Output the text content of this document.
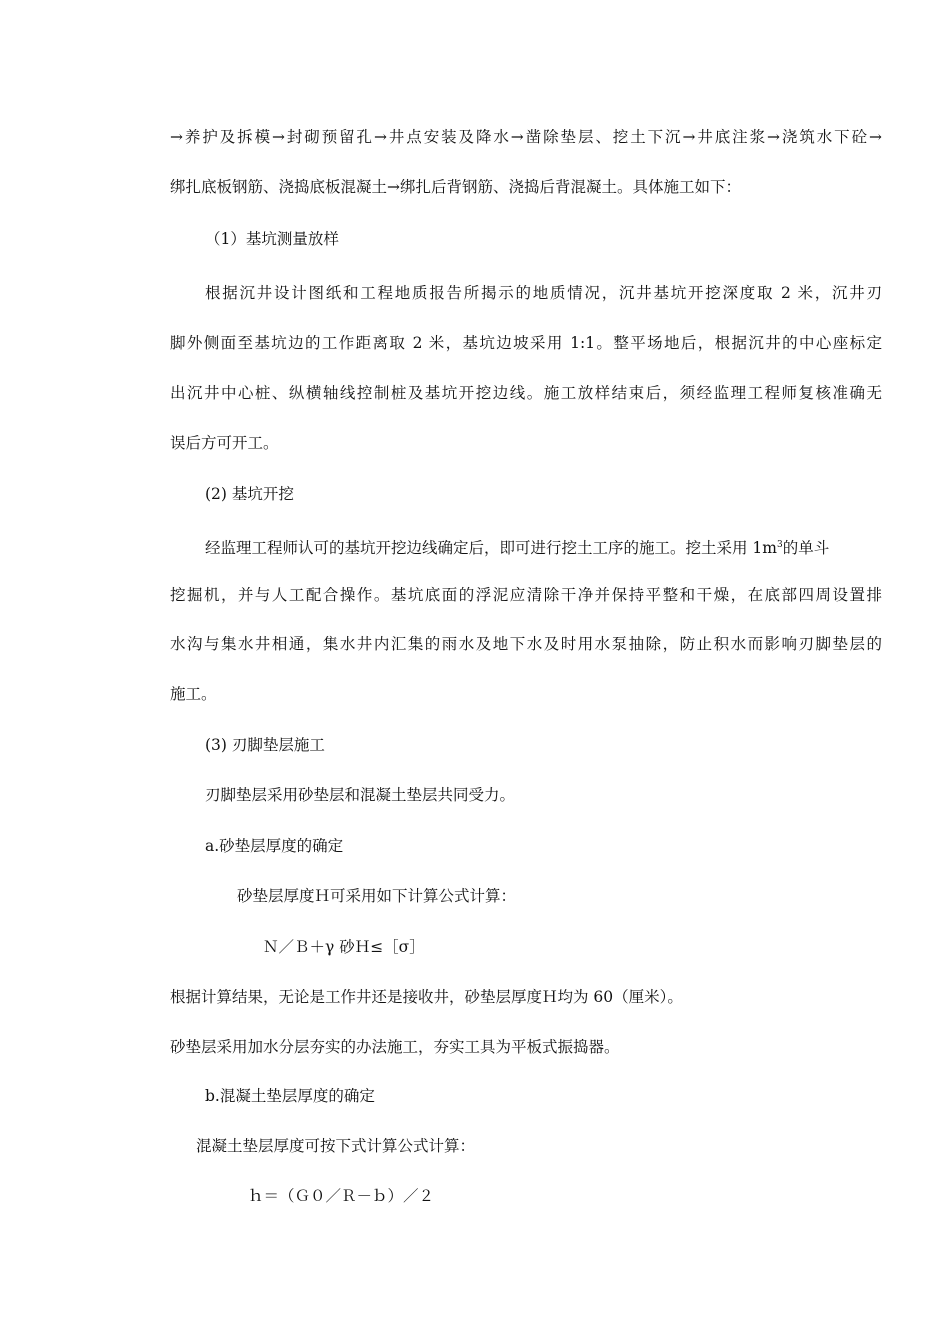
→养护及拆模→封砌预留孔→井点安装及降水→凿除垫层、挖土下沉→井底注浆→浇筑水下砼→
绑扎底板钢筋、浇捣底板混凝土→绑扎后背钢筋、浇捣后背混凝土。具体施工如下：
（1）基坑测量放样
根据沉井设计图纸和工程地质报告所揭示的地质情况，沉井基坑开挖深度取 2 米，沉井刃
脚外侧面至基坑边的工作距离取 2 米，基坑边坡采用 1:1。整平场地后，根据沉井的中心座标定
出沉井中心桩、纵横轴线控制桩及基坑开挖边线。施工放样结束后，须经监理工程师复核准确无
误后方可开工。
(2) 基坑开挖
经监理工程师认可的基坑开挖边线确定后，即可进行挖土工序的施工。挖土采用 $1m^3$的单斗
挖掘机，并与人工配合操作。基坑底面的浮泥应清除干净并保持平整和干燥，在底部四周设置排
水沟与集水井相通，集水井内汇集的雨水及地下水及时用水泵抽除，防止积水而影响刃脚垫层的
施工。
(3) 刃脚垫层施工
刃脚垫层采用砂垫层和混凝土垫层共同受力。
a.砂垫层厚度的确定
砂垫层厚度Ｈ可采用如下计算公式计算：
Ｎ／Ｂ＋γ 砂Ｈ≤［σ］
根据计算结果，无论是工作井还是接收井，砂垫层厚度Ｈ均为 60（厘米）。
砂垫层采用加水分层夯实的办法施工，夯实工具为平板式振捣器。
b.混凝土垫层厚度的确定
混凝土垫层厚度可按下式计算公式计算：
ｈ＝（Ｇ０／Ｒ－ｂ）／２
